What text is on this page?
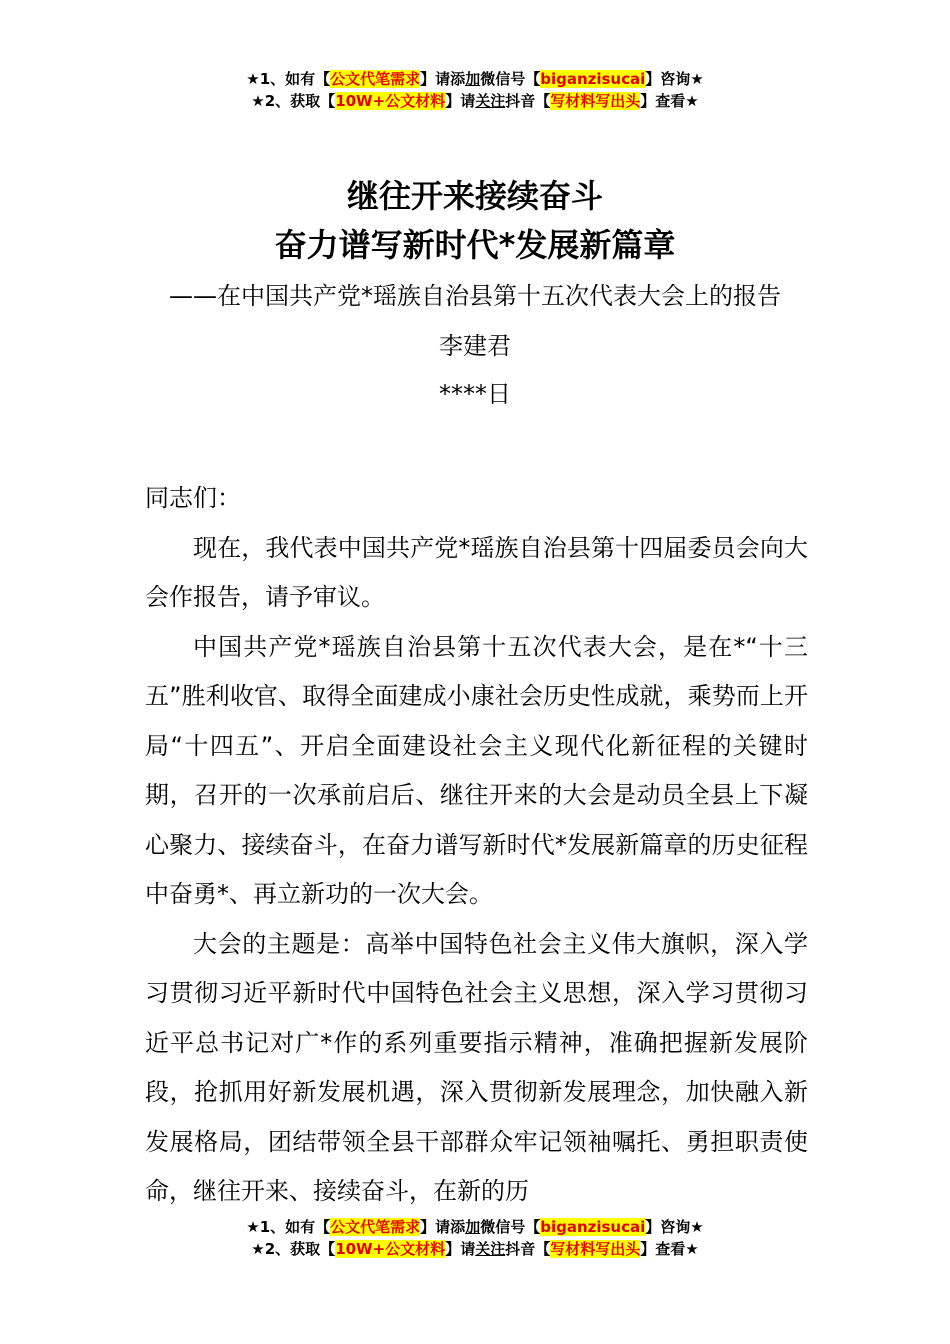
★1、如有【公文代笔需求】请添加微信号【biganzisucai】咨询★
★2、获取【10W+公文材料】请关注抖音【写材料写出头】查看★
继往开来接续奋斗
奋力谱写新时代*发展新篇章
——在中国共产党*瑶族自治县第十五次代表大会上的报告
李建君
****日

同志们：

现在，我代表中国共产党*瑶族自治县第十四届委员会向大会作报告，请予审议。

中国共产党*瑶族自治县第十五次代表大会，是在*“十三五”胜利收官、取得全面建成小康社会历史性成就，乘势而上开局“十四五”、开启全面建设社会主义现代化新征程的关键时期，召开的一次承前启后、继往开来的大会是动员全县上下凝心聚力、接续奋斗，在奋力谱写新时代*发展新篇章的历史征程中奋勇*、再立新功的一次大会。

大会的主题是：高举中国特色社会主义伟大旗帜，深入学习贯彻习近平新时代中国特色社会主义思想，深入学习贯彻习近平总书记对广*作的系列重要指示精神，准确把握新发展阶段，抢抓用好新发展机遇，深入贯彻新发展理念，加快融入新发展格局，团结带领全县干部群众牢记领袖嘱托、勇担职责使命，继往开来、接续奋斗，在新的历

★1、如有【公文代笔需求】请添加微信号【biganzisucai】咨询★
★2、获取【10W+公文材料】请关注抖音【写材料写出头】查看★
